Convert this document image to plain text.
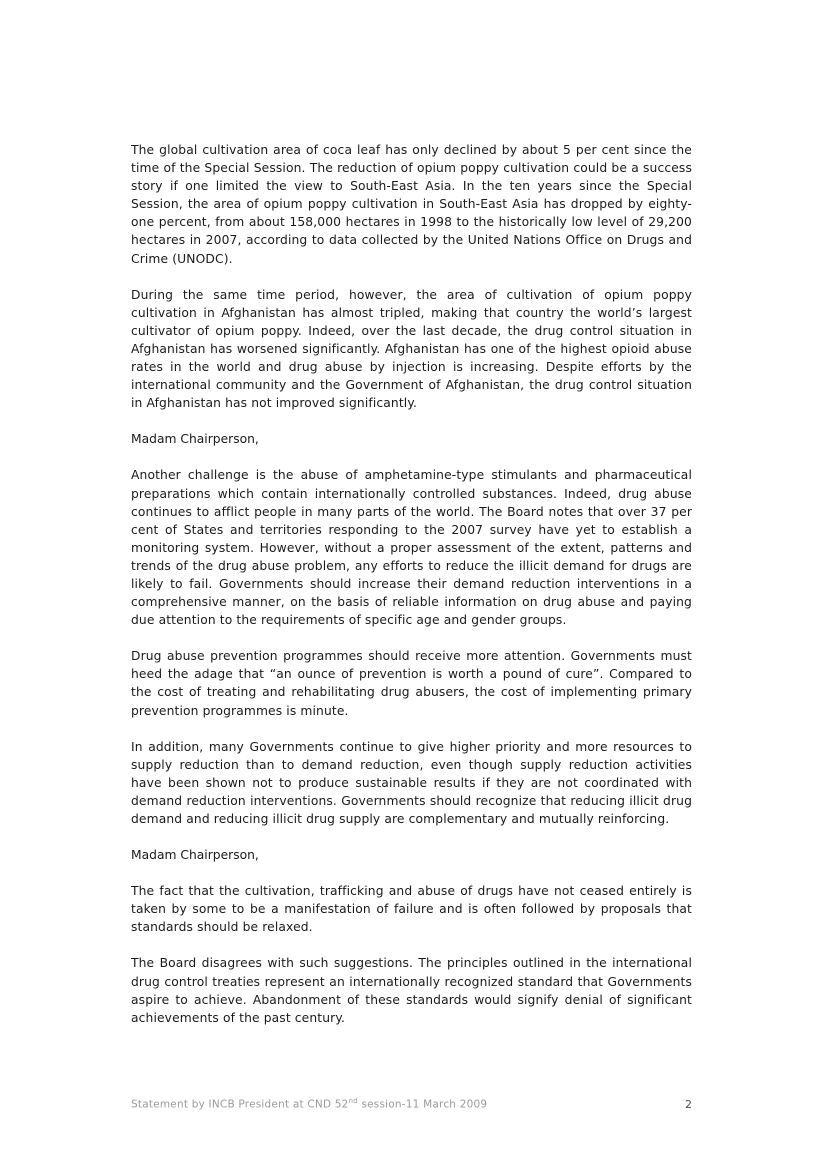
The global cultivation area of coca leaf has only declined by about 5 per cent since the time of the Special Session. The reduction of opium poppy cultivation could be a success story if one limited the view to South-East Asia. In the ten years since the Special Session, the area of opium poppy cultivation in South-East Asia has dropped by eighty-one percent, from about 158,000 hectares in 1998 to the historically low level of 29,200 hectares in 2007, according to data collected by the United Nations Office on Drugs and Crime (UNODC).

During the same time period, however, the area of cultivation of opium poppy cultivation in Afghanistan has almost tripled, making that country the world’s largest cultivator of opium poppy. Indeed, over the last decade, the drug control situation in Afghanistan has worsened significantly. Afghanistan has one of the highest opioid abuse rates in the world and drug abuse by injection is increasing. Despite efforts by the international community and the Government of Afghanistan, the drug control situation in Afghanistan has not improved significantly.

Madam Chairperson,

Another challenge is the abuse of amphetamine-type stimulants and pharmaceutical preparations which contain internationally controlled substances. Indeed, drug abuse continues to afflict people in many parts of the world. The Board notes that over 37 per cent of States and territories responding to the 2007 survey have yet to establish a monitoring system. However, without a proper assessment of the extent, patterns and trends of the drug abuse problem, any efforts to reduce the illicit demand for drugs are likely to fail. Governments should increase their demand reduction interventions in a comprehensive manner, on the basis of reliable information on drug abuse and paying due attention to the requirements of specific age and gender groups.

Drug abuse prevention programmes should receive more attention. Governments must heed the adage that “an ounce of prevention is worth a pound of cure”. Compared to the cost of treating and rehabilitating drug abusers, the cost of implementing primary prevention programmes is minute.

In addition, many Governments continue to give higher priority and more resources to supply reduction than to demand reduction, even though supply reduction activities have been shown not to produce sustainable results if they are not coordinated with demand reduction interventions. Governments should recognize that reducing illicit drug demand and reducing illicit drug supply are complementary and mutually reinforcing.

Madam Chairperson,

The fact that the cultivation, trafficking and abuse of drugs have not ceased entirely is taken by some to be a manifestation of failure and is often followed by proposals that standards should be relaxed.

The Board disagrees with such suggestions. The principles outlined in the international drug control treaties represent an internationally recognized standard that Governments aspire to achieve. Abandonment of these standards would signify denial of significant achievements of the past century.

Statement by INCB President at CND 52nd session-11 March 2009	2
